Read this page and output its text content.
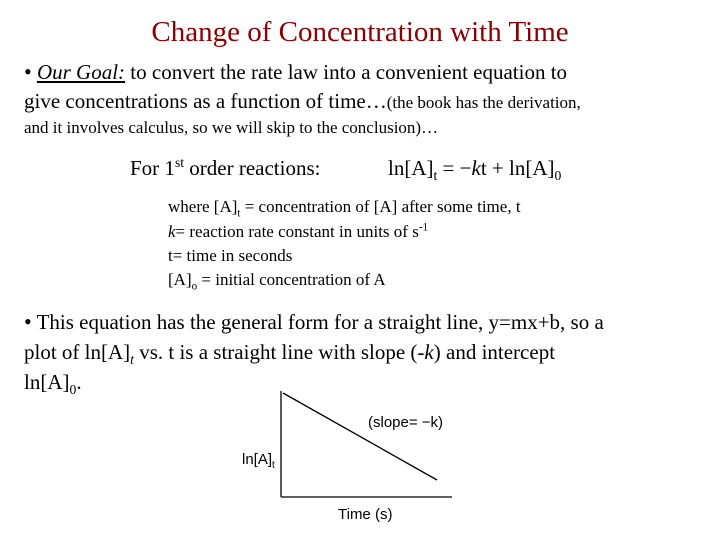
Change of Concentration with Time
• Our Goal: to convert the rate law into a convenient equation to
give concentrations as a function of time…(the book has the derivation,
and it involves calculus, so we will skip to the conclusion)…
For 1st order reactions:	$\ln[A]_t = -kt + \ln[A]_0$
where $[A]_t$ = concentration of [A] after some time, t
k= reaction rate constant in units of $s^{-1}$
t= time in seconds
$[A]_o$ = initial concentration of A
• This equation has the general form for a straight line, y=mx+b, so a
plot of $\ln[A]_t$ vs. t is a straight line with slope (-k) and intercept
$\ln[A]_0$.
(slope= −k)
$\ln[A]_t$
Time (s)
